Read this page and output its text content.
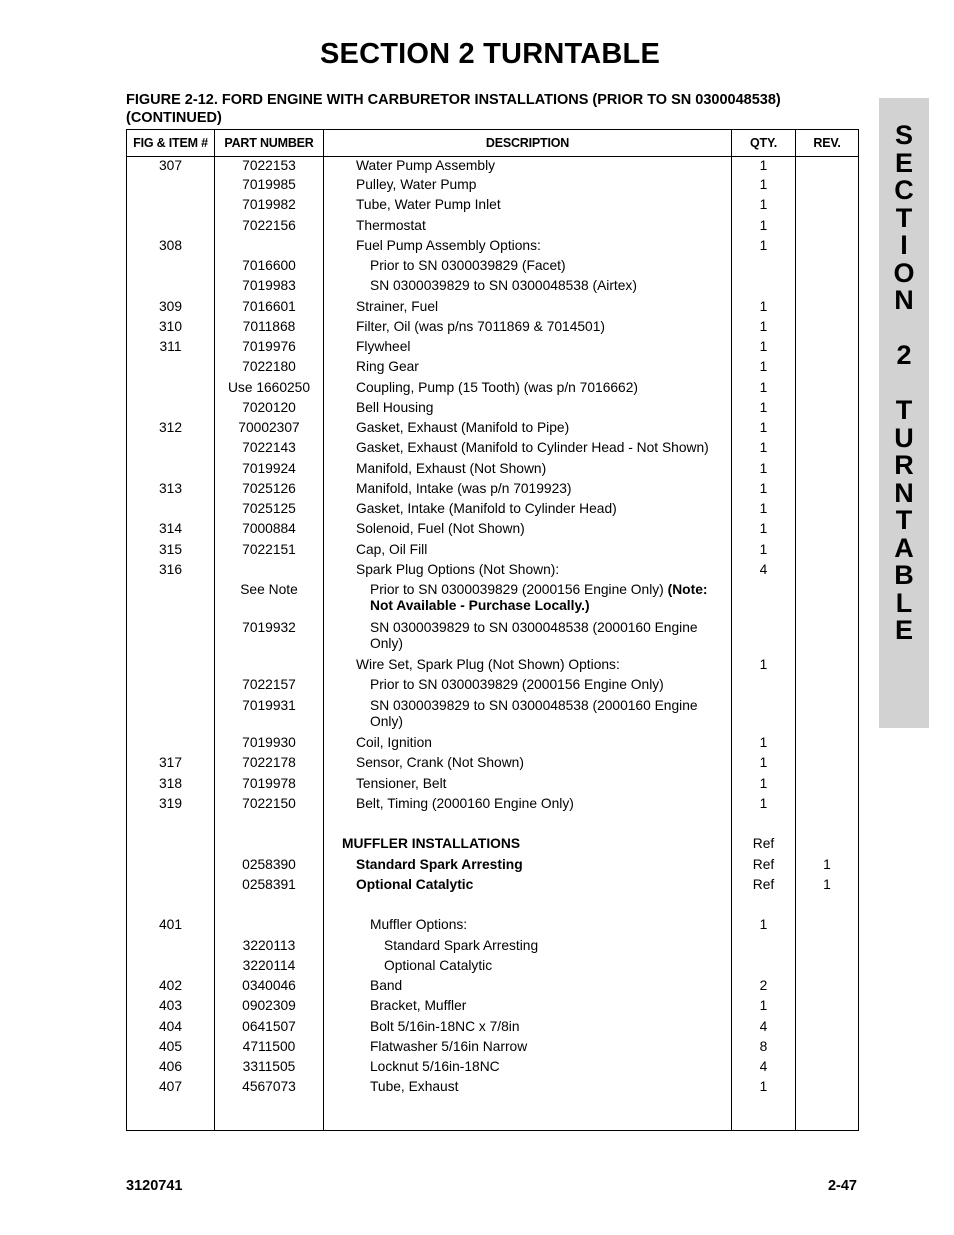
SECTION 2 TURNTABLE
FIGURE 2-12. FORD ENGINE WITH CARBURETOR INSTALLATIONS (PRIOR TO SN 0300048538) (CONTINUED)
S
E
C
T
I
O
N
2
T
U
R
N
T
A
B
L
E
FIG & ITEM #	PART NUMBER	DESCRIPTION	QTY.	REV.
307	7022153	Water Pump Assembly	1	
	7019985	Pulley, Water Pump	1	
	7019982	Tube, Water Pump Inlet	1	
	7022156	Thermostat	1	
308		Fuel Pump Assembly Options:	1	
	7016600	Prior to SN 0300039829 (Facet)		

	7019983	SN 0300039829 to SN 0300048538 (Airtex)		

309	7016601	Strainer, Fuel	1	
310	7011868	Filter, Oil (was p/ns 7011869 & 7014501)	1	
311	7019976	Flywheel	1	
	7022180	Ring Gear	1	
	Use 1660250	Coupling, Pump (15 Tooth) (was p/n 7016662)	1	
	7020120	Bell Housing	1	
312	70002307	Gasket, Exhaust (Manifold to Pipe)	1	
	7022143	Gasket, Exhaust (Manifold to Cylinder Head - Not Shown)	1	
	7019924	Manifold, Exhaust (Not Shown)	1	
313	7025126	Manifold, Intake (was p/n 7019923)	1	
	7025125	Gasket, Intake (Manifold to Cylinder Head)	1	
314	7000884	Solenoid, Fuel (Not Shown)	1	
315	7022151	Cap, Oil Fill	1	
316		Spark Plug Options (Not Shown):	4	
	See Note	Prior to SN 0300039829 (2000156 Engine Only) (Note: Not Available - Purchase Locally.)		

	7019932	SN 0300039829 to SN 0300048538 (2000160 Engine Only)		

		Wire Set, Spark Plug (Not Shown) Options:	1	
	7022157	Prior to SN 0300039829 (2000156 Engine Only)		

	7019931	SN 0300039829 to SN 0300048538 (2000160 Engine Only)		

	7019930	Coil, Ignition	1	
317	7022178	Sensor, Crank (Not Shown)	1	
318	7019978	Tensioner, Belt	1	
319	7022150	Belt, Timing (2000160 Engine Only)	1	

		MUFFLER INSTALLATIONS	Ref	
	0258390	Standard Spark Arresting	Ref	1
	0258391	Optional Catalytic	Ref	1

401		Muffler Options:	1	
	3220113	Standard Spark Arresting		

	3220114	Optional Catalytic		

402	0340046	Band	2	
403	0902309	Bracket, Muffler	1	
404	0641507	Bolt 5/16in-18NC x 7/8in	4	
405	4711500	Flatwasher 5/16in Narrow	8	
406	3311505	Locknut 5/16in-18NC	4	
407	4567073	Tube, Exhaust	1	
3120741	2-47
